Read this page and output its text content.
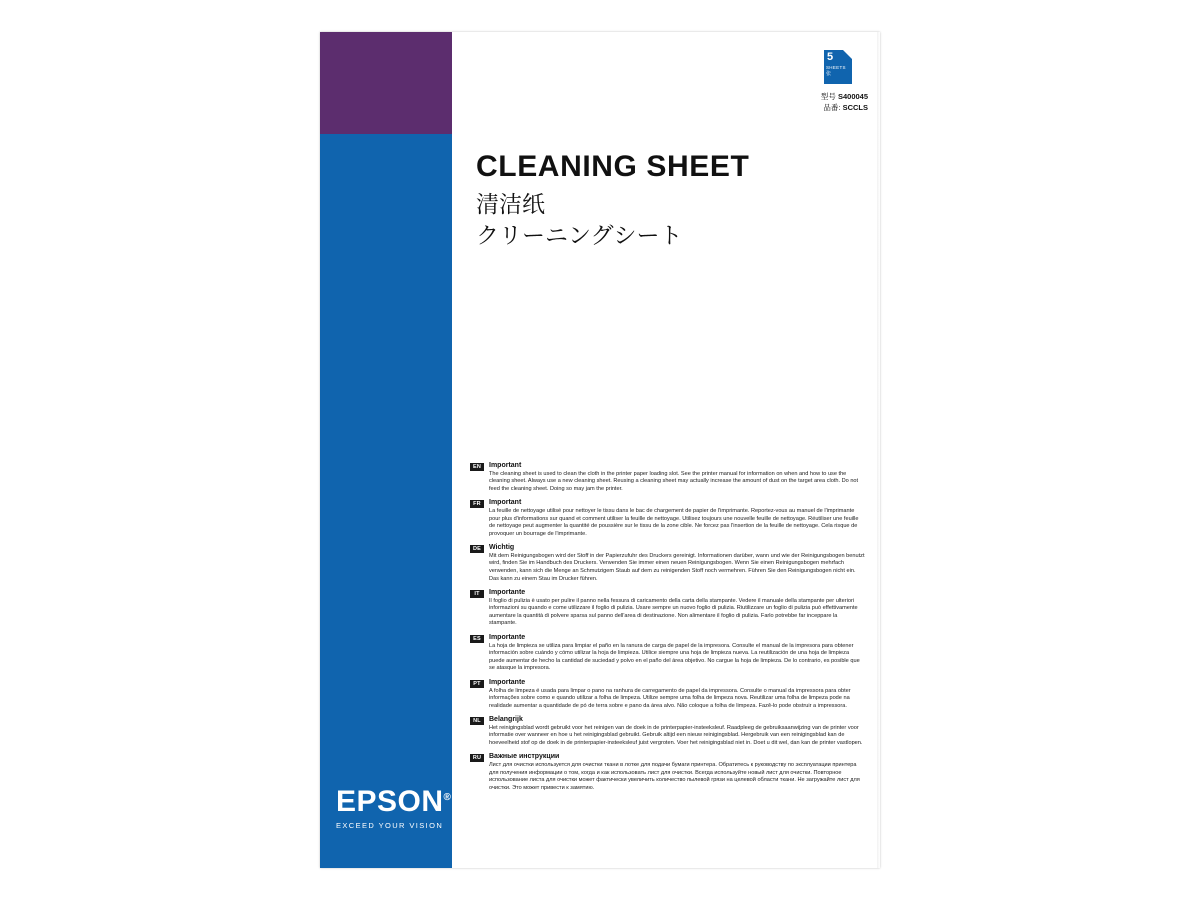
5
SHEETS
张
型号 S400045
品番: SCCLS
CLEANING SHEET
清洁纸
クリーニングシート
EN	Important
The cleaning sheet is used to clean the cloth in the printer paper loading slot. See the printer manual for information on when and how to use the cleaning sheet. Always use a new cleaning sheet. Reusing a cleaning sheet may actually increase the amount of dust on the target area cloth. Do not feed the cleaning sheet. Doing so may jam the printer.
FR	Important
La feuille de nettoyage utilisé pour nettoyer le tissu dans le bac de chargement de papier de l'imprimante. Reportez-vous au manuel de l'imprimante pour plus d'informations sur quand et comment utiliser la feuille de nettoyage. Utilisez toujours une nouvelle feuille de nettoyage. Réutiliser une feuille de nettoyage peut augmenter la quantité de poussière sur le tissu de la zone cible. Ne forcez pas l'insertion de la feuille de nettoyage. Cela risque de provoquer un bourrage de l'imprimante.
DE	Wichtig
Mit dem Reinigungsbogen wird der Stoff in der Papierzufuhr des Druckers gereinigt. Informationen darüber, wann und wie der Reinigungsbogen benutzt wird, finden Sie im Handbuch des Druckers. Verwenden Sie immer einen neuen Reinigungsbogen. Wenn Sie einen Reinigungsbogen mehrfach verwenden, kann sich die Menge an Schmutzigem Staub auf dem zu reinigenden Stoff noch vermehren. Führen Sie den Reinigungsbogen nicht ein. Das kann zu einem Stau im Drucker führen.
IT	Importante
Il foglio di pulizia è usato per pulire il panno nella fessura di caricamento della carta della stampante. Vedere il manuale della stampante per ulteriori informazioni su quando e come utilizzare il foglio di pulizia. Usare sempre un nuovo foglio di pulizia. Riutilizzare un foglio di pulizia può effettivamente aumentare la quantità di polvere sparsa sul panno dell'area di destinazione. Non alimentare il foglio di pulizia. Farlo potrebbe far inceppare la stampante.
ES	Importante
La hoja de limpieza se utiliza para limpiar el paño en la ranura de carga de papel de la impresora. Consulte el manual de la impresora para obtener información sobre cuándo y cómo utilizar la hoja de limpieza. Utilice siempre una hoja de limpieza nueva. La reutilización de una hoja de limpieza puede aumentar de hecho la cantidad de suciedad y polvo en el paño del área objetivo. No cargue la hoja de limpieza. De lo contrario, es posible que se atasque la impresora.
PT	Importante
A folha de limpeza é usada para limpar o pano na ranhura de carregamento de papel da impressora. Consulte o manual da impressora para obter informações sobre como e quando utilizar a folha de limpeza. Utilize sempre uma folha de limpeza nova. Reutilizar uma folha de limpeza pode na realidade aumentar a quantidade de pó de terra sobre e pano da área alvo. Não coloque a folha de limpeza. Fazê-lo pode obstruir a impressora.
NL	Belangrijk
Het reinigingsblad wordt gebruikt voor het reinigen van de doek in de printerpapier-insteeksleuf. Raadpleeg de gebruiksaanwijzing van de printer voor informatie over wanneer en hoe u het reinigingsblad gebruikt. Gebruik altijd een nieuw reinigingsblad. Hergebruik van een reinigingsblad kan de hoeveelheid stof op de doek in de printerpapier-insteeksleuf juist vergroten. Voer het reinigingsblad niet in. Doet u dit wel, dan kan de printer vastlopen.
RU	Важные инструкции
Лист для очистки используется для очистки ткани в лотке для подачи бумаги принтера. Обратитесь к руководству по эксплуатации принтера для получения информации о том, когда и как использовать лист для очистки. Всегда используйте новый лист для очистки. Повторное использование листа для очистки может фактически увеличить количество пылевой грязи на целевой области ткани. Не загружайте лист для очистки. Это может привести к замятию.
EPSON®
EXCEED YOUR VISION
